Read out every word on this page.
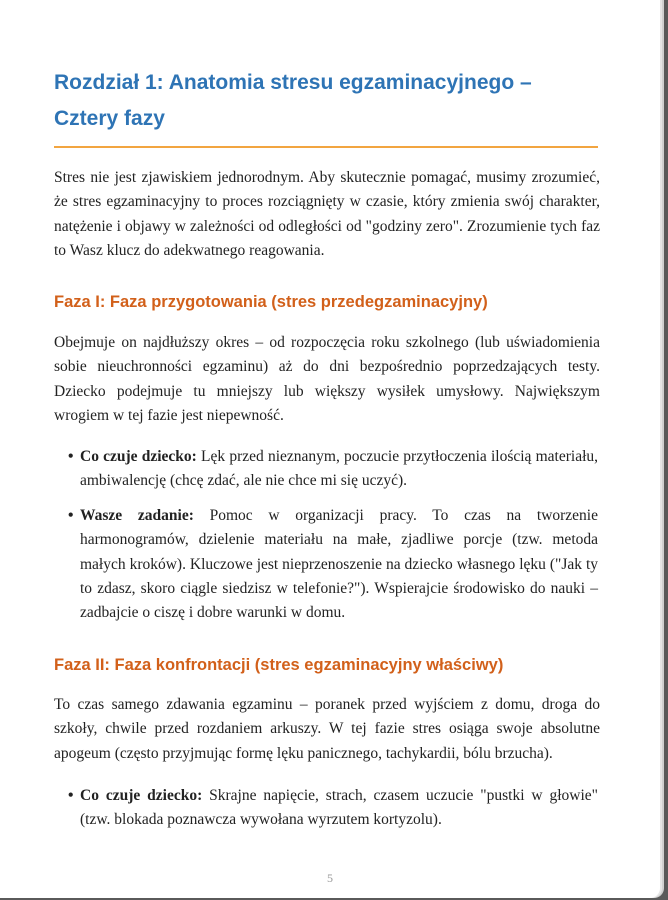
Rozdział 1: Anatomia stresu egzaminacyjnego – Cztery fazy

Stres nie jest zjawiskiem jednorodnym. Aby skutecznie pomagać, musimy zrozumieć, że stres egzaminacyjny to proces rozciągnięty w czasie, który zmienia swój charakter, natężenie i objawy w zależności od odległości od "godziny zero". Zrozumienie tych faz to Wasz klucz do adekwatnego reagowania.

Faza I: Faza przygotowania (stres przedegzaminacyjny)

Obejmuje on najdłuższy okres – od rozpoczęcia roku szkolnego (lub uświadomienia sobie nieuchronności egzaminu) aż do dni bezpośrednio poprzedzających testy. Dziecko podejmuje tu mniejszy lub większy wysiłek umysłowy. Największym wrogiem w tej fazie jest niepewność.

• Co czuje dziecko: Lęk przed nieznanym, poczucie przytłoczenia ilością materiału, ambiwalencję (chcę zdać, ale nie chce mi się uczyć).
• Wasze zadanie: Pomoc w organizacji pracy. To czas na tworzenie harmonogramów, dzielenie materiału na małe, zjadliwe porcje (tzw. metoda małych kroków). Kluczowe jest nieprzenoszenie na dziecko własnego lęku ("Jak ty to zdasz, skoro ciągle siedzisz w telefonie?"). Wspierajcie środowisko do nauki – zadbajcie o ciszę i dobre warunki w domu.
Faza II: Faza konfrontacji (stres egzaminacyjny właściwy)

To czas samego zdawania egzaminu – poranek przed wyjściem z domu, droga do szkoły, chwile przed rozdaniem arkuszy. W tej fazie stres osiąga swoje absolutne apogeum (często przyjmując formę lęku panicznego, tachykardii, bólu brzucha).

• Co czuje dziecko: Skrajne napięcie, strach, czasem uczucie "pustki w głowie" (tzw. blokada poznawcza wywołana wyrzutem kortyzolu).
5
